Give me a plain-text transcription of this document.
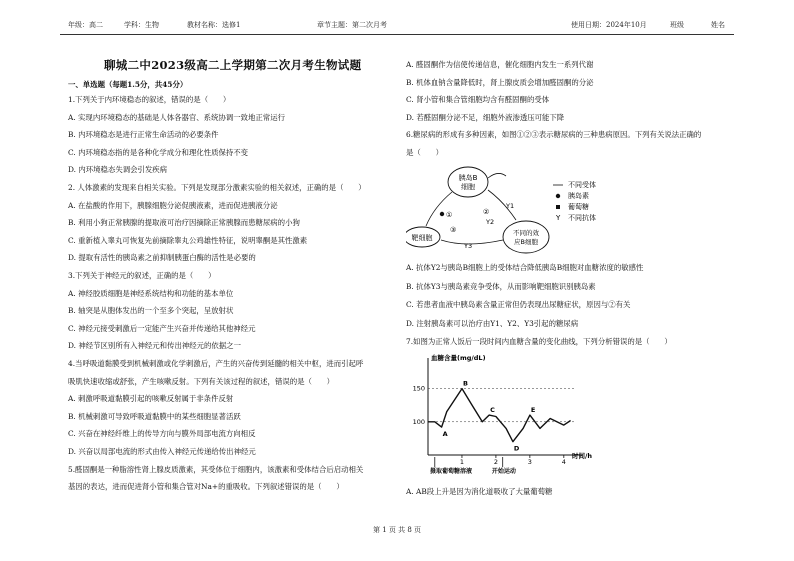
年级：高二	学科：生物	教材名称：选修1	章节主题：第二次月考	使用日期：2024年10月	班级	姓名
聊城二中2023级高二上学期第二次月考生物试题
一、单选题（每题1.5分，共45分）
1.下列关于内环境稳态的叙述，错误的是（　　）
A. 实现内环境稳态的基础是人体各器官、系统协调一致地正常运行
B. 内环境稳态是进行正常生命活动的必要条件
C. 内环境稳态指的是各种化学成分和理化性质保持不变
D. 内环境稳态失调会引发疾病
2. 人体激素的发现来自相关实验。下列是发现部分激素实验的相关叙述，正确的是（　　）
A. 在盐酸的作用下，胰腺细胞分泌促胰液素，进而促进胰液分泌
B. 利用小狗正常胰腺的提取液可治疗因摘除正常胰腺而患糖尿病的小狗
C. 重新植入睾丸可恢复先前摘除睾丸公鸡雄性特征，说明睾酮是其性激素
D. 提取有活性的胰岛素之前抑制胰蛋白酶的活性是必要的
3.下列关于神经元的叙述，正确的是（　　）
A. 神经胶质细胞是神经系统结构和功能的基本单位
B. 轴突是从胞体发出的一个至多个突起，呈放射状
C. 神经元接受刺激后一定能产生兴奋并传递给其他神经元
D. 神经节区别所有入神经元和传出神经元的依据之一
4.当呼吸道黏膜受到机械刺激或化学刺激后，产生的兴奋传到延髓的相关中枢，进而引起呼
吸肌快速收缩或舒张，产生咳嗽反射。下列有关该过程的叙述，错误的是（　　）
A. 刺激呼吸道黏膜引起的咳嗽反射属于非条件反射
B. 机械刺激可导致呼吸道黏膜中的某些细胞显著活跃
C. 兴奋在神经纤维上的传导方向与膜外局部电流方向相反
D. 兴奋以局部电流的形式由传入神经元传递给传出神经元
5.醛固酮是一种脂溶性肾上腺皮质激素，其受体位于细胞内，该激素和受体结合后启动相关
基因的表达，进而促进肾小管和集合管对Na+的重吸收。下列叙述错误的是（　　）
A. 醛固酮作为信使传递信息，催化细胞内发生一系列代谢
B. 机体血钠含量降低时，肾上腺皮质会增加醛固酮的分泌
C. 肾小管和集合管细胞均含有醛固酮的受体
D. 若醛固酮分泌不足，细胞外液渗透压可能下降
6.糖尿病的形成有多种因素，如图①②③表示糖尿病的三种患病原因。下列有关说法正确的
是（　　）
胰岛B
细胞
靶细胞
不同的效
应B细胞
①	②
③
Y1
Y2
Y3
不同受体
胰岛素
葡萄糖
Y 不同抗体
A. 抗体Y2与胰岛B细胞上的受体结合降低胰岛B细胞对血糖浓度的敏感性
B. 抗体Y3与胰岛素竞争受体，从而影响靶细胞识别胰岛素
C. 若患者血液中胰岛素含量正常但仍表现出尿糖症状，原因与②有关
D. 注射胰岛素可以治疗由Y1、Y2、Y3引起的糖尿病
7.如图为正常人饭后一段时间内血糖含量的变化曲线，下列分析错误的是（　　）
血糖含量(mg/dL)
时间/h
100
150
1	2	3	4
A
B
C
D
E
摄取葡萄糖溶液	开始运动
A. AB段上升是因为消化道吸收了大量葡萄糖
第 1 页 共 8 页
